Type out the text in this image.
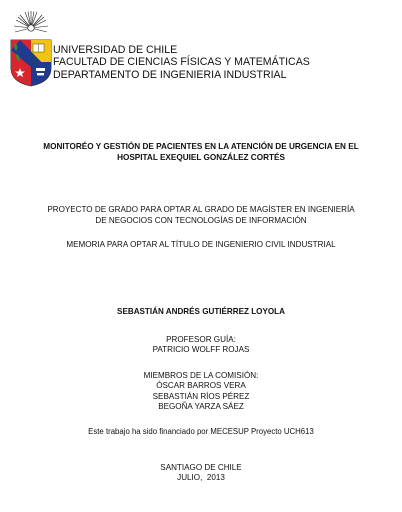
UNIVERSIDAD DE CHILE
FACULTAD DE CIENCIAS FÍSICAS Y MATEMÁTICAS
DEPARTAMENTO DE INGENIERIA INDUSTRIAL
MONITORÉO Y GESTIÓN DE PACIENTES EN LA ATENCIÓN DE URGENCIA EN EL
HOSPITAL EXEQUIEL GONZÁLEZ CORTÉS
PROYECTO DE GRADO PARA OPTAR AL GRADO DE MAGÍSTER EN INGENIERÍA
DE NEGOCIOS CON TECNOLOGÍAS DE INFORMACIÓN
MEMORIA PARA OPTAR AL TÍTULO DE INGENIERIO CIVIL INDUSTRIAL
SEBASTIÁN ANDRÉS GUTIÉRREZ LOYOLA
PROFESOR GUÍA:
PATRICIO WOLFF ROJAS
MIEMBROS DE LA COMISIÓN:
ÓSCAR BARROS VERA
SEBASTIÁN RÍOS PÉREZ
BEGOÑA YARZA SÁEZ
Este trabajo ha sido financiado por MECESUP Proyecto UCH613
SANTIAGO DE CHILE
JULIO,  2013
